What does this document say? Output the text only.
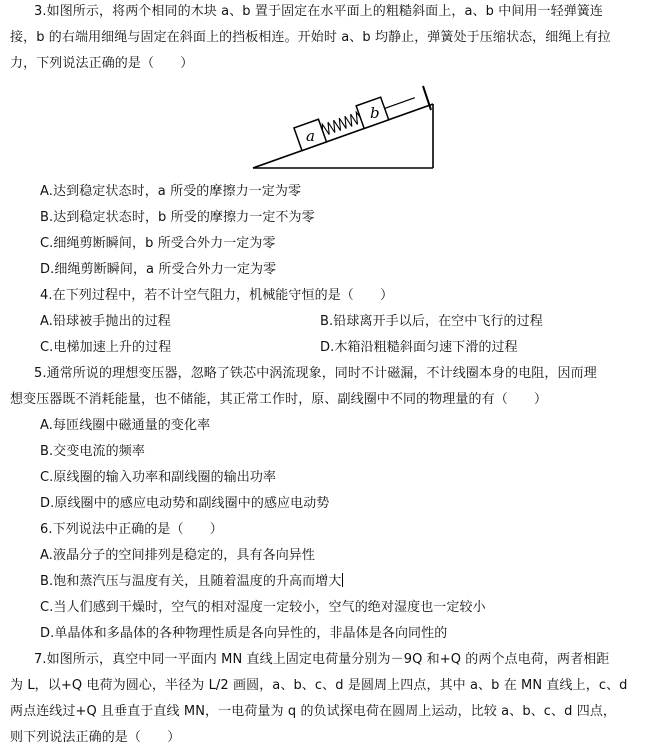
3.如图所示，将两个相同的木块 a、b 置于固定在水平面上的粗糙斜面上，a、b 中间用一轻弹簧连
接，b 的右端用细绳与固定在斜面上的挡板相连。开始时 a、b 均静止，弹簧处于压缩状态，细绳上有拉
力，下列说法正确的是（　　）
a
b
A.达到稳定状态时，a 所受的摩擦力一定为零
B.达到稳定状态时，b 所受的摩擦力一定不为零
C.细绳剪断瞬间，b 所受合外力一定为零
D.细绳剪断瞬间，a 所受合外力一定为零
4.在下列过程中，若不计空气阻力，机械能守恒的是（　　）
A.铅球被手抛出的过程	B.铅球离开手以后，在空中飞行的过程
C.电梯加速上升的过程	D.木箱沿粗糙斜面匀速下滑的过程
5.通常所说的理想变压器，忽略了铁芯中涡流现象，同时不计磁漏，不计线圈本身的电阻，因而理
想变压器既不消耗能量，也不储能，其正常工作时，原、副线圈中不同的物理量的有（　　）
A.每匝线圈中磁通量的变化率
B.交变电流的频率
C.原线圈的输入功率和副线圈的输出功率
D.原线圈中的感应电动势和副线圈中的感应电动势
6.下列说法中正确的是（　　）
A.液晶分子的空间排列是稳定的，具有各向异性
B.饱和蒸汽压与温度有关，且随着温度的升高而增大
C.当人们感到干燥时，空气的相对湿度一定较小，空气的绝对湿度也一定较小
D.单晶体和多晶体的各种物理性质是各向异性的，非晶体是各向同性的
7.如图所示，真空中同一平面内 MN 直线上固定电荷量分别为－9Q 和+Q 的两个点电荷，两者相距
为 L，以+Q 电荷为圆心，半径为 L/2 画圆，a、b、c、d 是圆周上四点，其中 a、b 在 MN 直线上，c、d
两点连线过+Q 且垂直于直线 MN，一电荷量为 q 的负试探电荷在圆周上运动，比较 a、b、c、d 四点，
则下列说法正确的是（　　）
